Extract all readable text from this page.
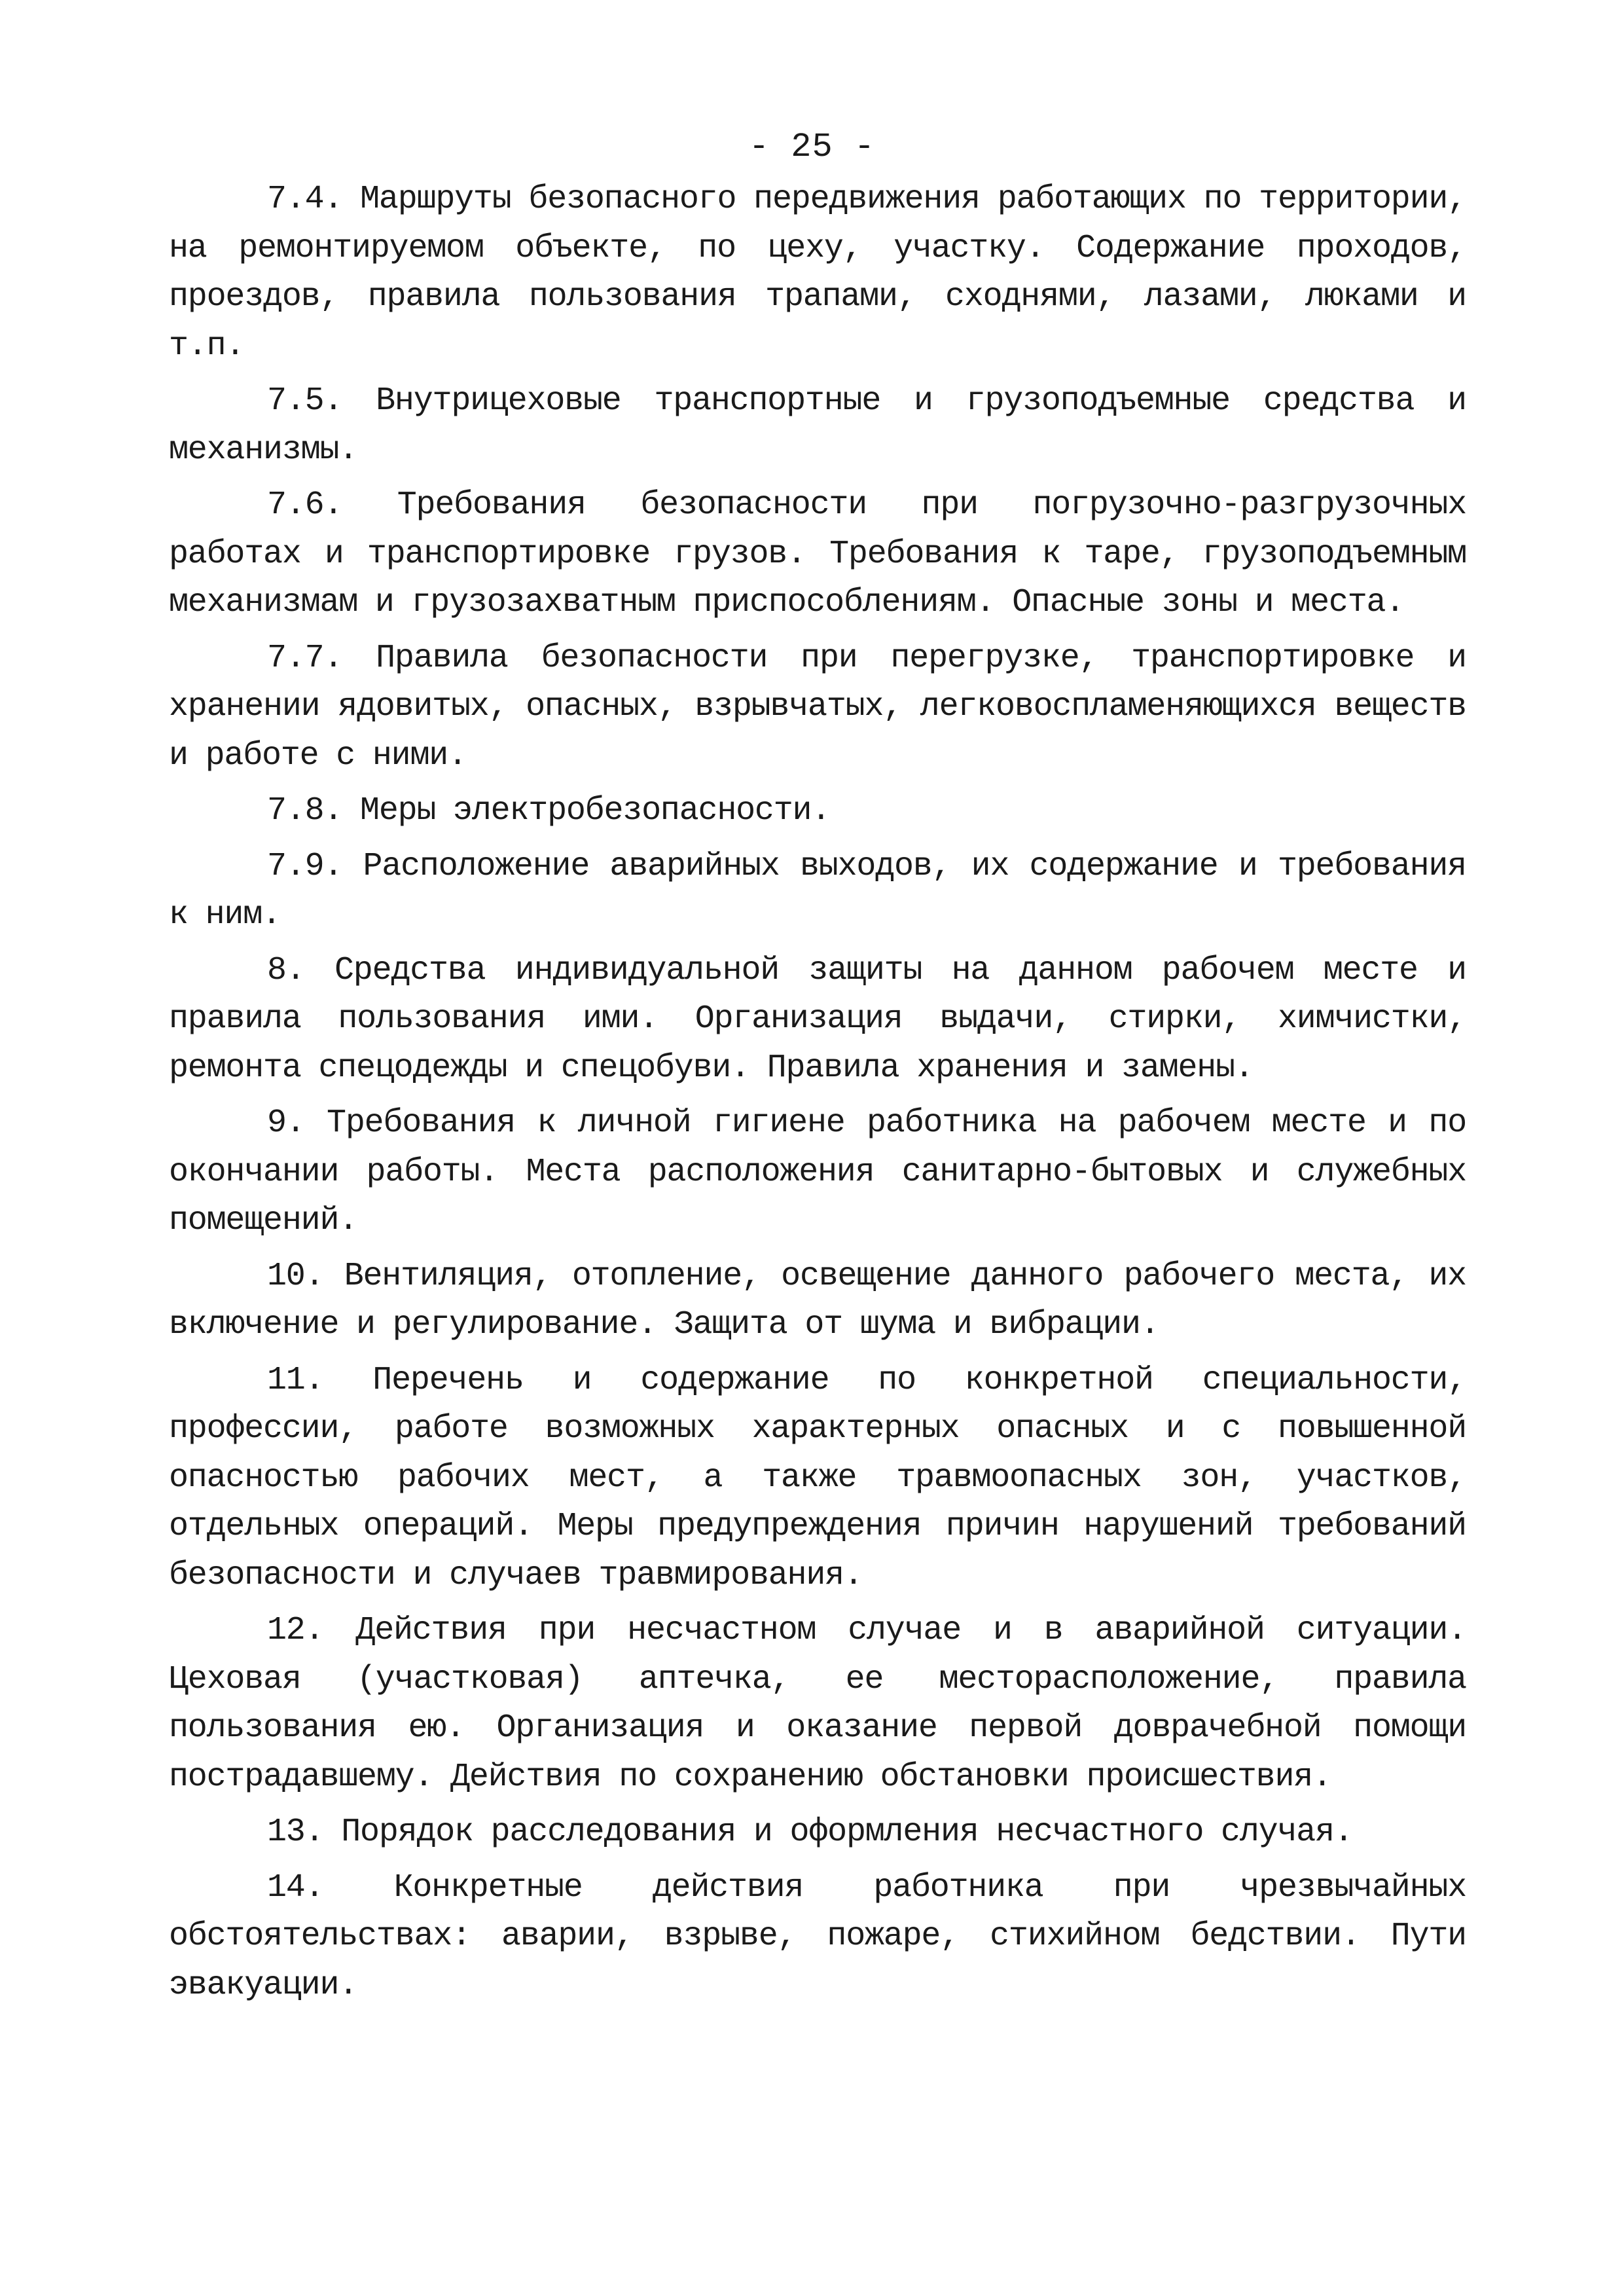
- 25 -

7.4. Маршруты безопасного передвижения работающих по территории, на ремонтируемом объекте, по цеху, участку. Содержание проходов, проездов, правила пользования трапами, сходнями, лазами, люками и т.п.

7.5. Внутрицеховые транспортные и грузоподъемные средства и механизмы.

7.6. Требования безопасности при погрузочно-разгрузочных работах и транспортировке грузов. Требования к таре, грузоподъемным механизмам и грузозахватным приспособлениям. Опасные зоны и места.

7.7. Правила безопасности при перегрузке, транспортировке и хранении ядовитых, опасных, взрывчатых, легковоспламеняющихся веществ и работе с ними.

7.8. Меры электробезопасности.

7.9. Расположение аварийных выходов, их содержание и требования к ним.

8. Средства индивидуальной защиты на данном рабочем месте и правила пользования ими. Организация выдачи, стирки, химчистки, ремонта спецодежды и спецобуви. Правила хранения и замены.

9. Требования к личной гигиене работника на рабочем месте и по окончании работы. Места расположения санитарно-бытовых и служебных помещений.

10. Вентиляция, отопление, освещение данного рабочего места, их включение и регулирование. Защита от шума и вибрации.

11. Перечень и содержание по конкретной специальности, профессии, работе возможных характерных опасных и с повышенной опасностью рабочих мест, а также травмоопасных зон, участков, отдельных операций. Меры предупреждения причин нарушений требований безопасности и случаев травмирования.

12. Действия при несчастном случае и в аварийной ситуации. Цеховая (участковая) аптечка, ее месторасположение, правила пользования ею. Организация и оказание первой доврачебной помощи пострадавшему. Действия по сохранению обстановки происшествия.

13. Порядок расследования и оформления несчастного случая.

14. Конкретные действия работника при чрезвычайных обстоятельствах: аварии, взрыве, пожаре, стихийном бедствии. Пути эвакуации.
